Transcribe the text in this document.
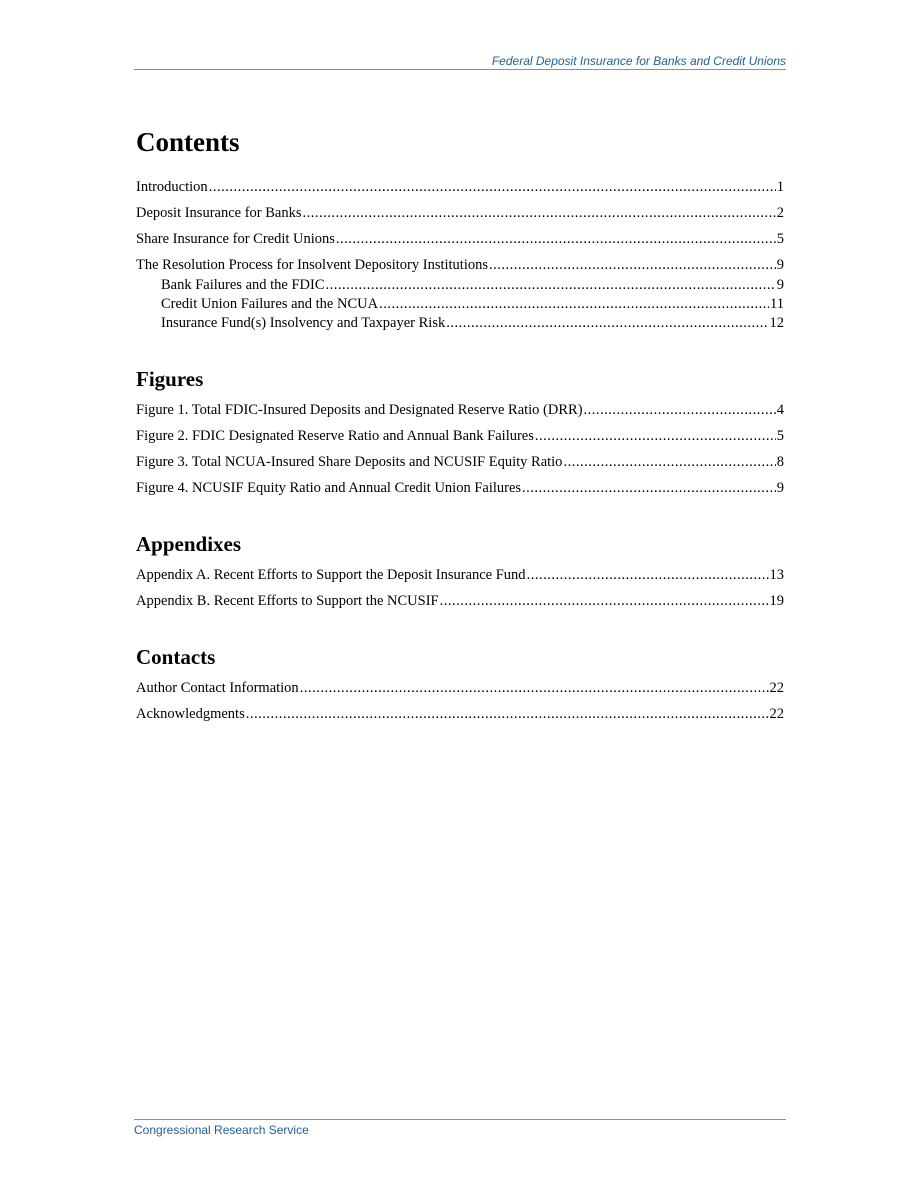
Federal Deposit Insurance for Banks and Credit Unions
Contents
Introduction .....	1
Deposit Insurance for Banks .....	2
Share Insurance for Credit Unions .....	5
The Resolution Process for Insolvent Depository Institutions .....	9
Bank Failures and the FDIC .....	9
Credit Union Failures and the NCUA .....	11
Insurance Fund(s) Insolvency and Taxpayer Risk .....	12
Figures
Figure 1. Total FDIC-Insured Deposits and Designated Reserve Ratio (DRR) .....	4
Figure 2. FDIC Designated Reserve Ratio and Annual Bank Failures .....	5
Figure 3. Total NCUA-Insured Share Deposits and NCUSIF Equity Ratio .....	8
Figure 4. NCUSIF Equity Ratio and Annual Credit Union Failures .....	9
Appendixes
Appendix A. Recent Efforts to Support the Deposit Insurance Fund .....	13
Appendix B. Recent Efforts to Support the NCUSIF .....	19
Contacts
Author Contact Information .....	22
Acknowledgments .....	22
Congressional Research Service
